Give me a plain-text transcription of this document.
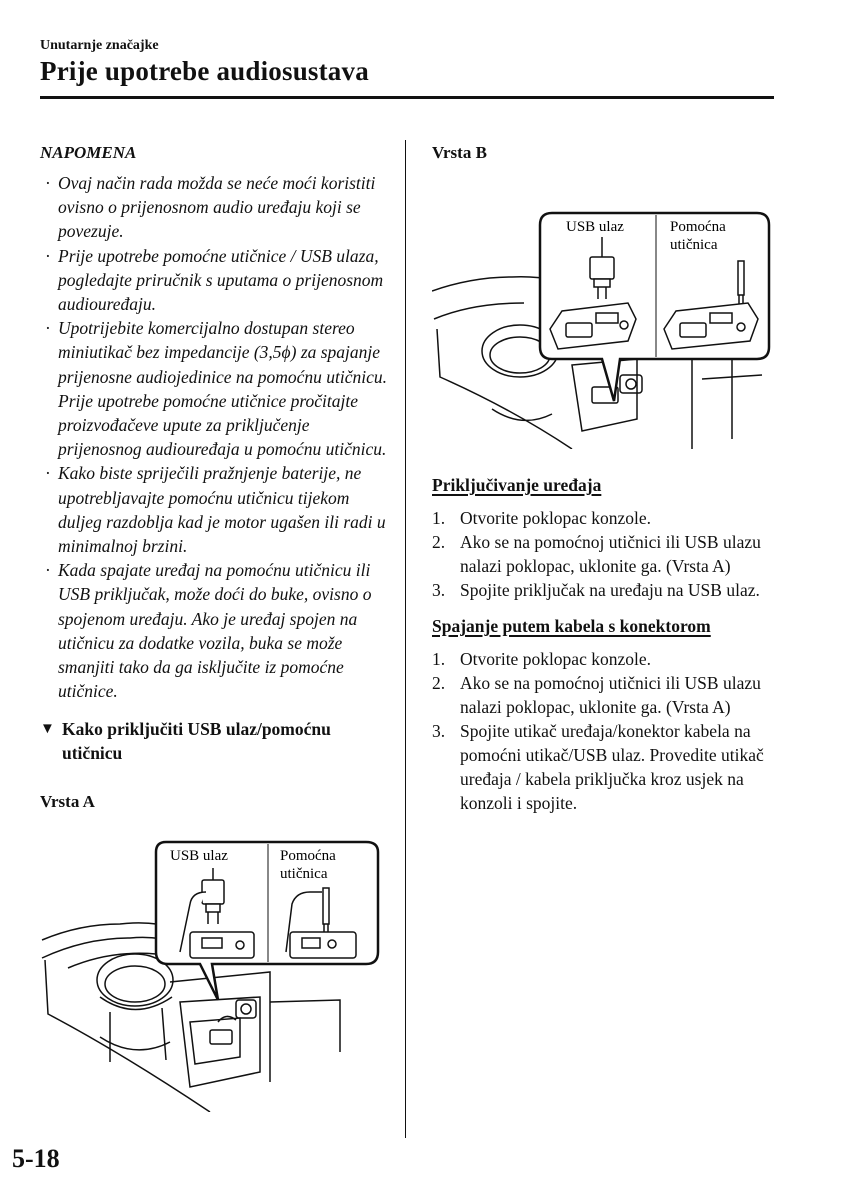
Unutarnje značajke
Prije upotrebe audiosustava
NAPOMENA
· Ovaj način rada možda se neće moći koristiti ovisno o prijenosnom audio uređaju koji se povezuje.
· Prije upotrebe pomoćne utičnice / USB ulaza, pogledajte priručnik s uputama o prijenosnom audiouređaju.
· Upotrijebite komercijalno dostupan stereo miniutikač bez impedancije (3,5ϕ) za spajanje prijenosne audiojedinice na pomoćnu utičnicu. Prije upotrebe pomoćne utičnice pročitajte proizvođačeve upute za priključenje prijenosnog audiouređaja u pomoćnu utičnicu.
· Kako biste spriječili pražnjenje baterije, ne upotrebljavajte pomoćnu utičnicu tijekom duljeg razdoblja kad je motor ugašen ili radi u minimalnoj brzini.
· Kada spajate uređaj na pomoćnu utičnicu ili USB priključak, može doći do buke, ovisno o spojenom uređaju. Ako je uređaj spojen na utičnicu za dodatke vozila, buka se može smanjiti tako da ga isključite iz pomoćne utičnice.
▼ Kako priključiti USB ulaz/pomoćnu utičnicu
Vrsta A
USB ulaz	Pomoćna
utičnica
Vrsta B
USB ulaz	Pomoćna
utičnica
Priključivanje uređaja
1. Otvorite poklopac konzole.
2. Ako se na pomoćnoj utičnici ili USB ulazu nalazi poklopac, uklonite ga. (Vrsta A)
3. Spojite priključak na uređaju na USB ulaz.
Spajanje putem kabela s konektorom
1. Otvorite poklopac konzole.
2. Ako se na pomoćnoj utičnici ili USB ulazu nalazi poklopac, uklonite ga. (Vrsta A)
3. Spojite utikač uređaja/konektor kabela na pomoćni utikač/USB ulaz. Provedite utikač uređaja / kabela priključka kroz usjek na konzoli i spojite.
5-18
